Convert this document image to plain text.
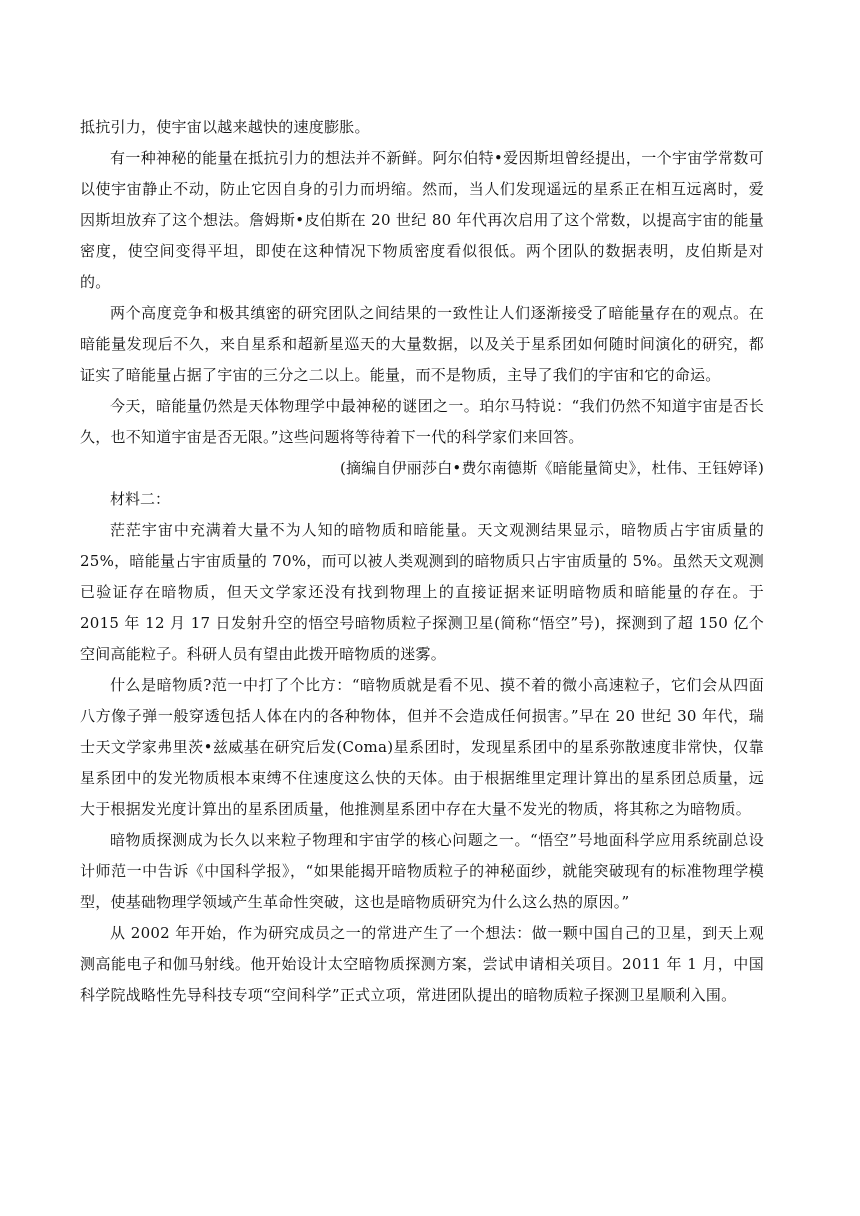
抵抗引力，使宇宙以越来越快的速度膨胀。

有一种神秘的能量在抵抗引力的想法并不新鲜。阿尔伯特•爱因斯坦曾经提出，一个宇宙学常数可以使宇宙静止不动，防止它因自身的引力而坍缩。然而，当人们发现遥远的星系正在相互远离时，爱因斯坦放弃了这个想法。詹姆斯•皮伯斯在 20 世纪 80 年代再次启用了这个常数，以提高宇宙的能量密度，使空间变得平坦，即使在这种情况下物质密度看似很低。两个团队的数据表明，皮伯斯是对的。

两个高度竞争和极其缜密的研究团队之间结果的一致性让人们逐渐接受了暗能量存在的观点。在暗能量发现后不久，来自星系和超新星巡天的大量数据，以及关于星系团如何随时间演化的研究，都证实了暗能量占据了宇宙的三分之二以上。能量，而不是物质，主导了我们的宇宙和它的命运。

今天，暗能量仍然是天体物理学中最神秘的谜团之一。珀尔马特说：“我们仍然不知道宇宙是否长久，也不知道宇宙是否无限。”这些问题将等待着下一代的科学家们来回答。

(摘编自伊丽莎白•费尔南德斯《暗能量简史》，杜伟、王钰婷译)

材料二：

茫茫宇宙中充满着大量不为人知的暗物质和暗能量。天文观测结果显示，暗物质占宇宙质量的 25%，暗能量占宇宙质量的 70%，而可以被人类观测到的暗物质只占宇宙质量的 5%。虽然天文观测已验证存在暗物质，但天文学家还没有找到物理上的直接证据来证明暗物质和暗能量的存在。于 2015 年 12 月 17 日发射升空的悟空号暗物质粒子探测卫星(简称“悟空”号)，探测到了超 150 亿个空间高能粒子。科研人员有望由此拨开暗物质的迷雾。

什么是暗物质?范一中打了个比方：“暗物质就是看不见、摸不着的微小高速粒子，它们会从四面八方像子弹一般穿透包括人体在内的各种物体，但并不会造成任何损害。”早在 20 世纪 30 年代，瑞士天文学家弗里茨•兹威基在研究后发(Coma)星系团时，发现星系团中的星系弥散速度非常快，仅靠星系团中的发光物质根本束缚不住速度这么快的天体。由于根据维里定理计算出的星系团总质量，远大于根据发光度计算出的星系团质量，他推测星系团中存在大量不发光的物质，将其称之为暗物质。

暗物质探测成为长久以来粒子物理和宇宙学的核心问题之一。“悟空”号地面科学应用系统副总设计师范一中告诉《中国科学报》，“如果能揭开暗物质粒子的神秘面纱，就能突破现有的标准物理学模型，使基础物理学领域产生革命性突破，这也是暗物质研究为什么这么热的原因。”

从 2002 年开始，作为研究成员之一的常进产生了一个想法：做一颗中国自己的卫星，到天上观测高能电子和伽马射线。他开始设计太空暗物质探测方案，尝试申请相关项目。2011 年 1 月，中国科学院战略性先导科技专项“空间科学”正式立项，常进团队提出的暗物质粒子探测卫星顺利入围。
